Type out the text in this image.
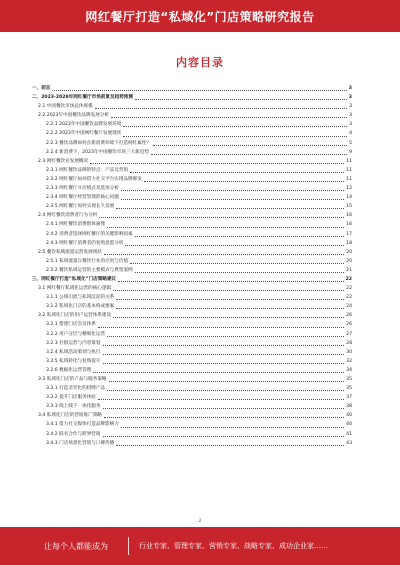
网红餐厅打造“私域化”门店策略研究报告
内容目录
一、前言	3
二、2023-2028年网红餐厅市场前景及趋势预测	3
2.1 中国餐饮市场总体规模	3
2.2 2023年中国餐饮品牌发展分析	3
2.2.1 2023年中国餐饮品牌发展环境	3
2.2.2 2023年中国网红餐厅发展现状	4
2.2.3 餐饮品牌如何在新消费环境下打造网红属性？	5
2.2.4 新消费下，2023年中国餐饮市场三大新趋势	9
2.3 网红餐饮业发展概况	11
2.3.1 网红餐饮品牌的特点：产品及营销	11
2.3.2 网红餐厅如何借力社交平台实现品牌爆发	11
2.3.3 网红餐厅开店模式及选址分析	12
2.3.4 网红餐厅经营管理的核心问题	14
2.3.5 网红餐厅如何实现长久发展	15
2.4 网红餐饮消费者行为分析	16
2.4.1 网红餐饮消费群体画像	16
2.4.2 消费者选择网红餐厅的关键影响因素	17
2.4.3 网红餐厅消费者的复购意愿分析	18
2.5 餐饮私域流量运营发展现状	20
2.5.1 私域流量在餐饮行业的应用与价值	20
2.5.2 餐饮私域运营的主要模式与典型案例	21
三、网红餐厅打造“私域化”门店策略建议	22
3.1 网红餐厅私域化运营的核心逻辑	22
3.1.1 公域引流与私域沉淀的关系	22
3.1.2 私域化门店的基本构成要素	24
3.2 私域化门店的用户运营体系建设	26
3.2.1 搭建门店会员体系	26
3.2.2 用户分层与精细化运营	27
3.2.3 社群运营与内容策划	28
3.2.4 私域活动策划与执行	30
3.2.5 私域转化与复购提升	32
3.2.6 数据化运营管理	34
3.3 私域化门店的产品与服务策略	35
3.3.1 打造差异化的招牌产品	35
3.3.2 提升门店服务体验	37
3.3.3 线上线下一体化服务	38
3.4 私域化门店的营销推广策略	40
3.4.1 借力社交媒体打造品牌影响力	40
3.4.2 联名合作与跨界营销	41
3.4.3 门店场景化营销与口碑传播	43
2
让每个人都能成为	行业专家、管理专家、营销专家、战略专家、成功企业家……
